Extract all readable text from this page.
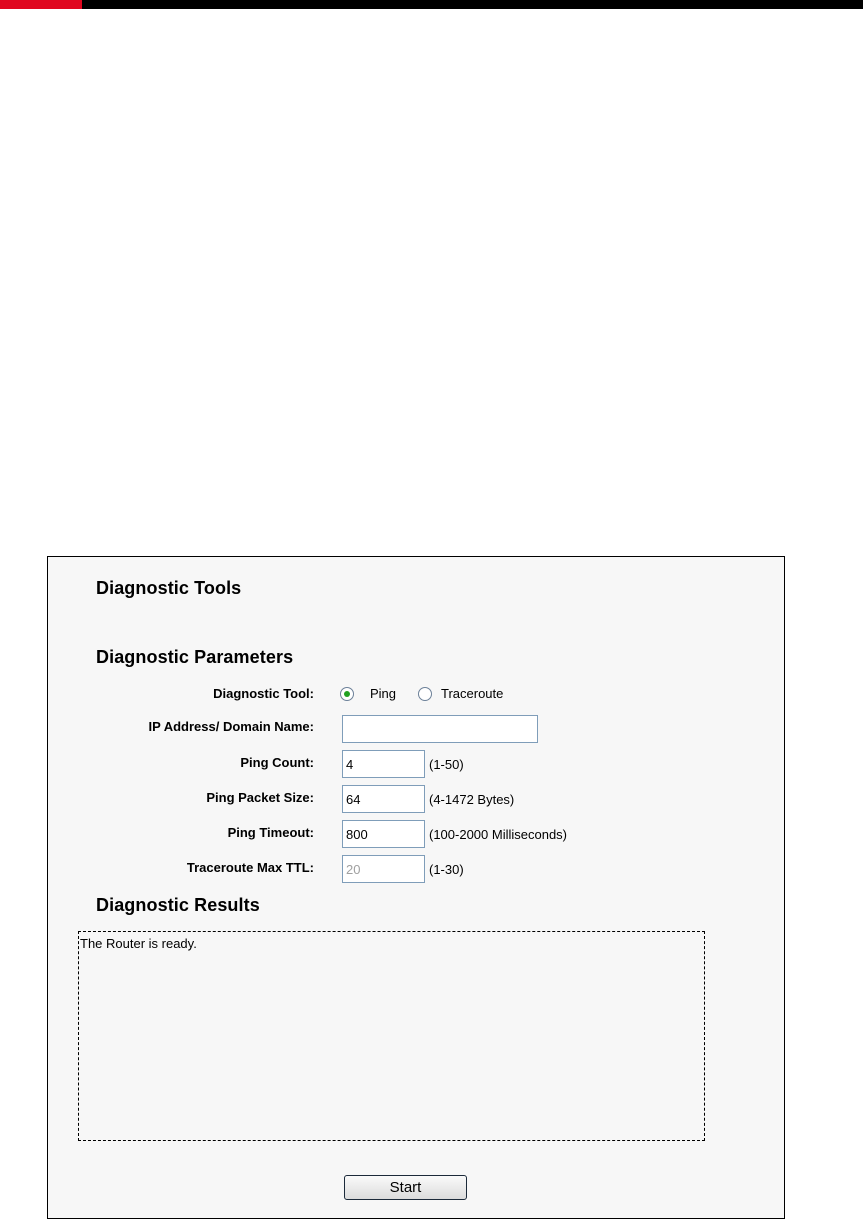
Diagnostic Tools
Diagnostic Parameters
Diagnostic Tool:	Ping	Traceroute
IP Address/ Domain Name:
Ping Count:	4	(1-50)
Ping Packet Size:	64	(4-1472 Bytes)
Ping Timeout:	800	(100-2000 Milliseconds)
Traceroute Max TTL:	20	(1-30)
Diagnostic Results
The Router is ready.
Start
